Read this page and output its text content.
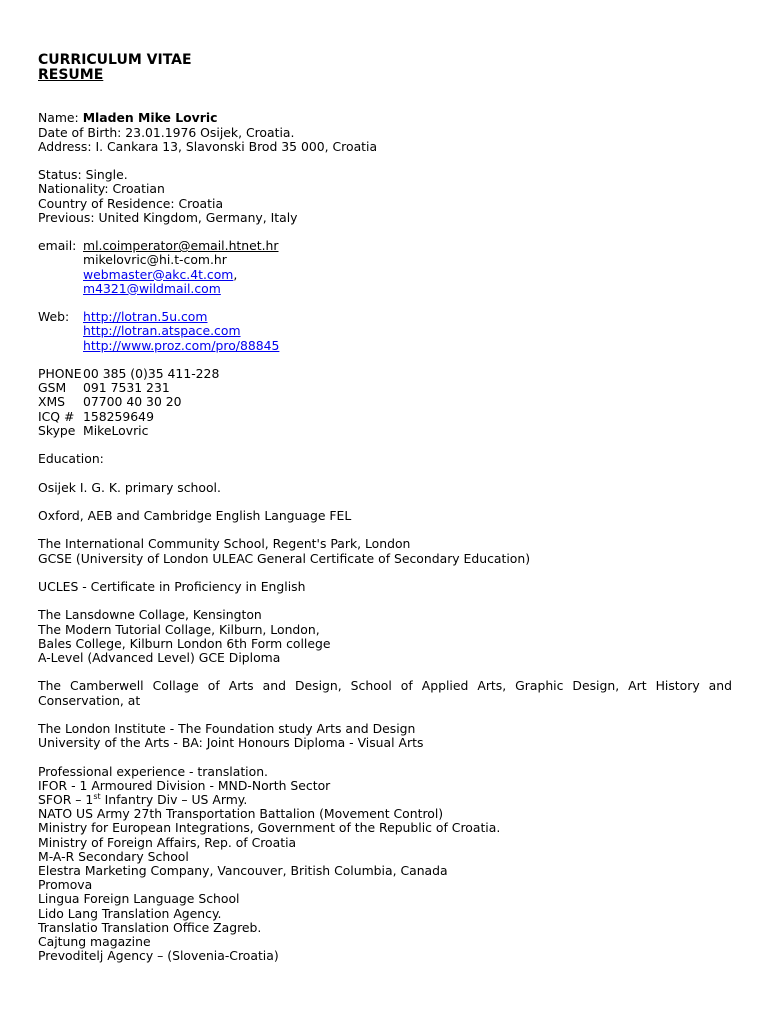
CURRICULUM VITAE
RESUME
Name: Mladen Mike Lovric
Date of Birth: 23.01.1976 Osijek, Croatia.
Address: I. Cankara 13, Slavonski Brod 35 000, Croatia
Status: Single.
Nationality: Croatian
Country of Residence: Croatia
Previous: United Kingdom, Germany, Italy
email: ml.coimperator@email.htnet.hr
mikelovric@hi.t-com.hr
webmaster@akc.4t.com,
m4321@wildmail.com
Web:	http://lotran.5u.com
http://lotran.atspace.com
http://www.proz.com/pro/88845
PHONE 00 385 (0)35 411-228
GSM	091 7531 231
XMS	07700 40 30 20
ICQ # 158259649
Skype MikeLovric
Education:
Osijek I. G. K. primary school.
Oxford, AEB and Cambridge English Language FEL
The International Community School, Regent's Park, London
GCSE (University of London ULEAC General Certificate of Secondary Education)
UCLES - Certificate in Proficiency in English
The Lansdowne Collage, Kensington
The Modern Tutorial Collage, Kilburn, London,
Bales College, Kilburn London 6th Form college
A-Level (Advanced Level) GCE Diploma
The Camberwell Collage of Arts and Design, School of Applied Arts, Graphic Design, Art History and Conservation, at
The London Institute - The Foundation study Arts and Design
University of the Arts - BA: Joint Honours Diploma - Visual Arts
Professional experience - translation.
IFOR - 1 Armoured Division - MND-North Sector
SFOR – 1st Infantry Div – US Army.
NATO US Army 27th Transportation Battalion (Movement Control)
Ministry for European Integrations, Government of the Republic of Croatia.
Ministry of Foreign Affairs, Rep. of Croatia
M-A-R Secondary School
Elestra Marketing Company, Vancouver, British Columbia, Canada
Promova
Lingua Foreign Language School
Lido Lang Translation Agency.
Translatio Translation Office Zagreb.
Cajtung magazine
Prevoditelj Agency – (Slovenia-Croatia)
